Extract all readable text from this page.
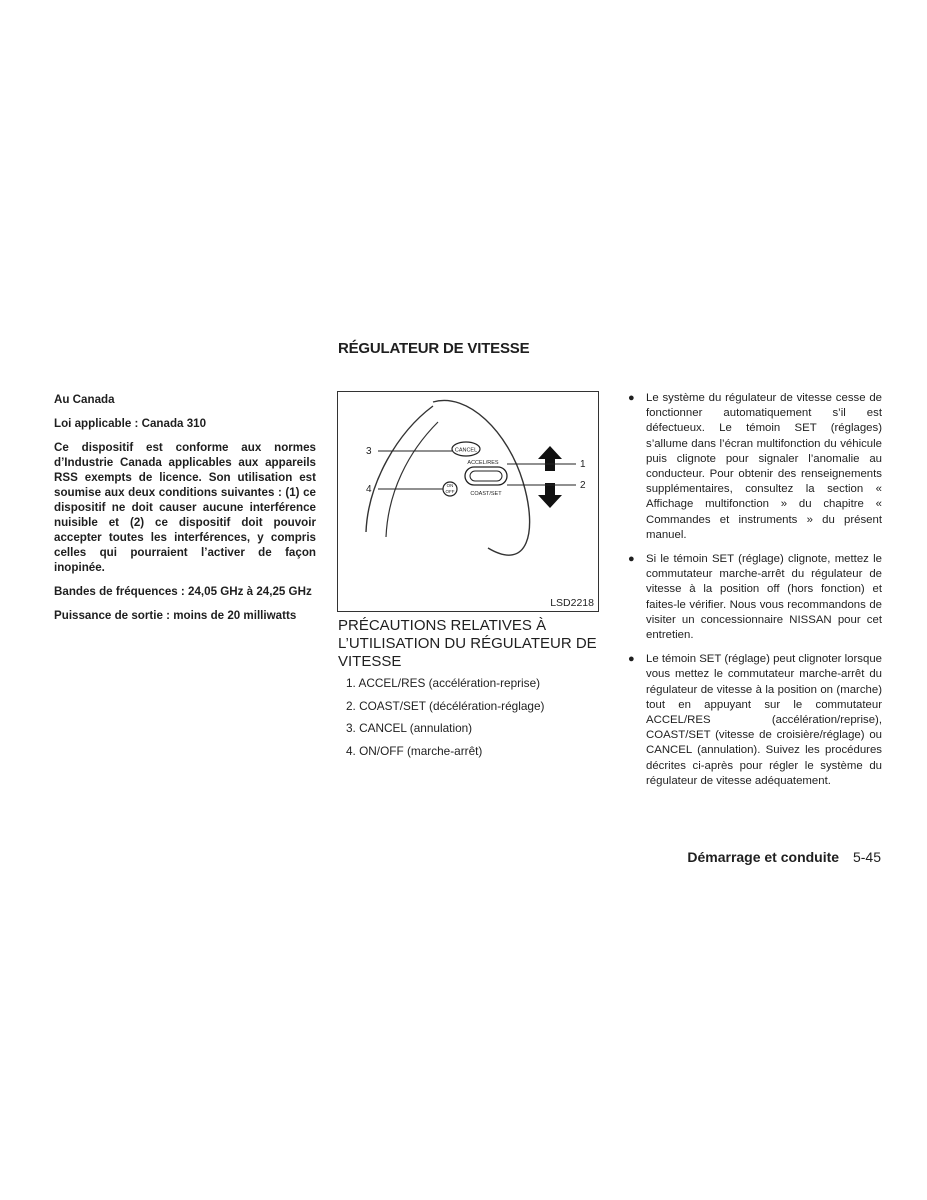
RÉGULATEUR DE VITESSE

Au Canada

Loi applicable : Canada 310

Ce dispositif est conforme aux normes d’Industrie Canada applicables aux appareils RSS exempts de licence. Son utilisation est soumise aux deux conditions suivantes : (1) ce dispositif ne doit causer aucune interférence nuisible et (2) ce dispositif doit pouvoir accepter toutes les interférences, y compris celles qui pourraient l’activer de façon inopinée.

Bandes de fréquences : 24,05 GHz à 24,25 GHz

Puissance de sortie : moins de 20 milliwatts

CANCEL
ACCEL/RES
COAST/SET
ON
OFF
1
2
3
4
LSD2218
PRÉCAUTIONS RELATIVES À L’UTILISATION DU RÉGULATEUR DE VITESSE
1. ACCEL/RES (accélération-reprise)
2. COAST/SET (décélération-réglage)
3. CANCEL (annulation)
4. ON/OFF (marche-arrêt)
● Le système du régulateur de vitesse cesse de fonctionner automatiquement s’il est défectueux. Le témoin SET (réglages) s’allume dans l’écran multifonction du véhicule puis clignote pour signaler l’anomalie au conducteur. Pour obtenir des renseignements supplémentaires, consultez la section « Affichage multifonction » du chapitre « Commandes et instruments » du présent manuel.
● Si le témoin SET (réglage) clignote, mettez le commutateur marche-arrêt du régulateur de vitesse à la position off (hors fonction) et faites-le vérifier. Nous vous recommandons de visiter un concessionnaire NISSAN pour cet entretien.
● Le témoin SET (réglage) peut clignoter lorsque vous mettez le commutateur marche-arrêt du régulateur de vitesse à la position on (marche) tout en appuyant sur le commutateur ACCEL/RES (accélération/reprise), COAST/SET (vitesse de croisière/réglage) ou CANCEL (annulation). Suivez les procédures décrites ci-après pour régler le système du régulateur de vitesse adéquatement.
Démarrage et conduite 5-45
